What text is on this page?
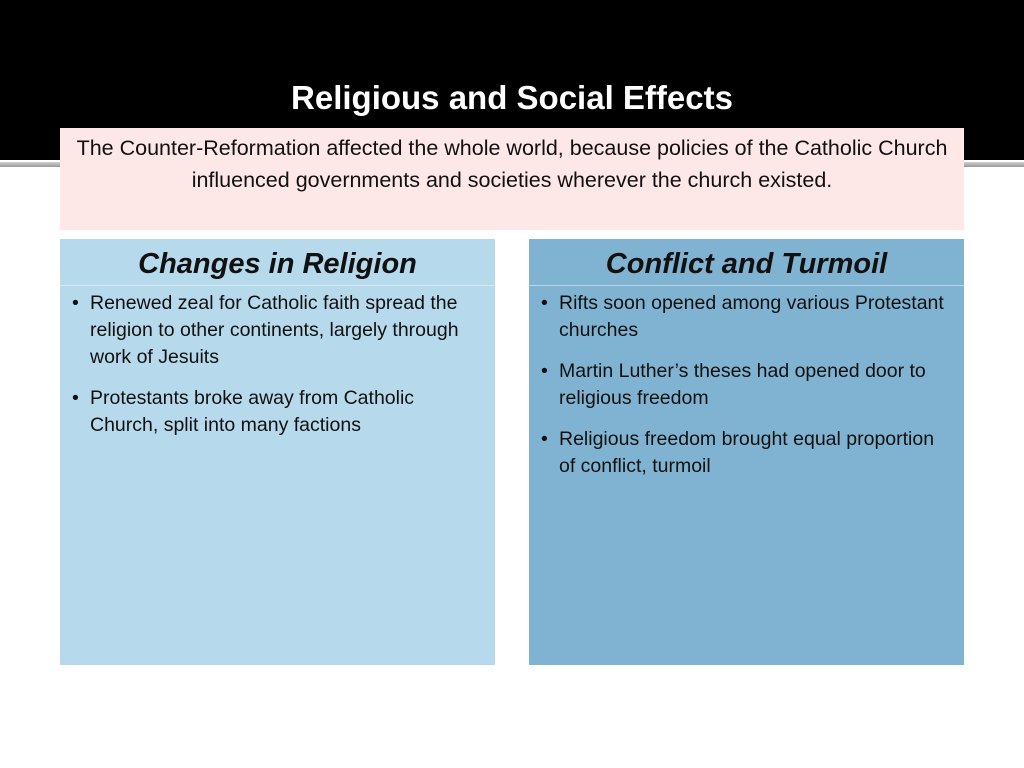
Religious and Social Effects
The Counter-Reformation affected the whole world, because policies of the Catholic Church influenced governments and societies wherever the church existed.
Changes in Religion
• Renewed zeal for Catholic faith spread the religion to other continents, largely through work of Jesuits
• Protestants broke away from Catholic Church, split into many factions
Conflict and Turmoil
• Rifts soon opened among various Protestant churches
• Martin Luther’s theses had opened door to religious freedom
• Religious freedom brought equal proportion of conflict, turmoil
